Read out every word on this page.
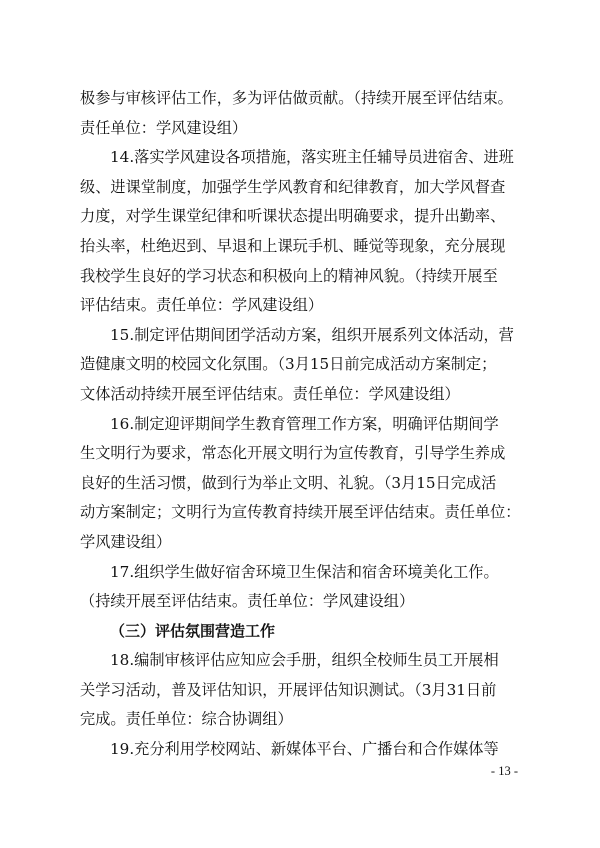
极参与审核评估工作，多为评估做贡献。（持续开展至评估结束。
责任单位：学风建设组）
14.落实学风建设各项措施，落实班主任辅导员进宿舍、进班
级、进课堂制度，加强学生学风教育和纪律教育，加大学风督查
力度，对学生课堂纪律和听课状态提出明确要求，提升出勤率、
抬头率，杜绝迟到、早退和上课玩手机、睡觉等现象，充分展现
我校学生良好的学习状态和积极向上的精神风貌。（持续开展至
评估结束。责任单位：学风建设组）
15.制定评估期间团学活动方案，组织开展系列文体活动，营
造健康文明的校园文化氛围。（3月15日前完成活动方案制定；
文体活动持续开展至评估结束。责任单位：学风建设组）
16.制定迎评期间学生教育管理工作方案，明确评估期间学
生文明行为要求，常态化开展文明行为宣传教育，引导学生养成
良好的生活习惯，做到行为举止文明、礼貌。（3月15日完成活
动方案制定；文明行为宣传教育持续开展至评估结束。责任单位：
学风建设组）
17.组织学生做好宿舍环境卫生保洁和宿舍环境美化工作。
（持续开展至评估结束。责任单位：学风建设组）
（三）评估氛围营造工作
18.编制审核评估应知应会手册，组织全校师生员工开展相
关学习活动，普及评估知识，开展评估知识测试。（3月31日前
完成。责任单位：综合协调组）
19.充分利用学校网站、新媒体平台、广播台和合作媒体等
- 13 -
